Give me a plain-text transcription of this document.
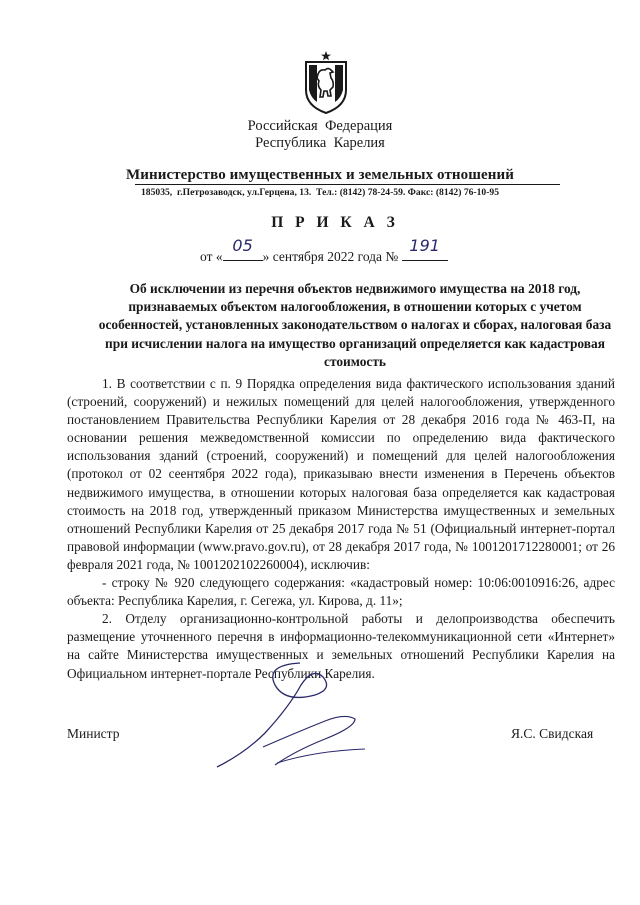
Российская  Федерация
Республика  Карелия
Министерство имущественных и земельных отношений
185035,  г.Петрозаводск, ул.Герцена, 13.  Тел.: (8142) 78-24-59. Факс: (8142) 76-10-95
П Р И К А З
от «
05
» сентября 2022 года №
191
Об исключении из перечня объектов недвижимого имущества на 2018 год, признаваемых объектом налогообложения, в отношении которых с учетом особенностей, установленных законодательством о налогах и сборах, налоговая база при исчислении налога на имущество организаций определяется как кадастровая стоимость

1. В соответствии с п. 9 Порядка определения вида фактического использования зданий (строений, сооружений) и нежилых помещений для целей налогообложения, утвержденного постановлением Правительства Республики Карелия от 28 декабря 2016 года № 463-П, на основании решения межведомственной комиссии по определению вида фактического использования зданий (строений, сооружений) и помещений для целей налогообложения (протокол от 02 сеентября 2022 года), приказываю внести изменения в Перечень объектов недвижимого имущества, в отношении которых налоговая база определяется как кадастровая стоимость на 2018 год, утвержденный приказом Министерства имущественных и земельных отношений Республики Карелия от 25 декабря 2017 года № 51 (Официальный интернет-портал правовой информации (www.pravo.gov.ru), от 28 декабря 2017 года, № 1001201712280001; от 26 февраля 2021 года, № 1001202102260004), исключив:

- строку № 920 следующего содержания: «кадастровый номер: 10:06:0010916:26, адрес объекта: Республика Карелия, г. Сегежа, ул. Кирова, д. 11»;

2. Отделу организационно-контрольной работы и делопроизводства обеспечить размещение уточненного перечня в информационно-телекоммуникационной сети «Интернет» на сайте Министерства имущественных и земельных отношений Республики Карелия на Официальном интернет-портале Республики Карелия.

Министр	Я.С. Свидская
